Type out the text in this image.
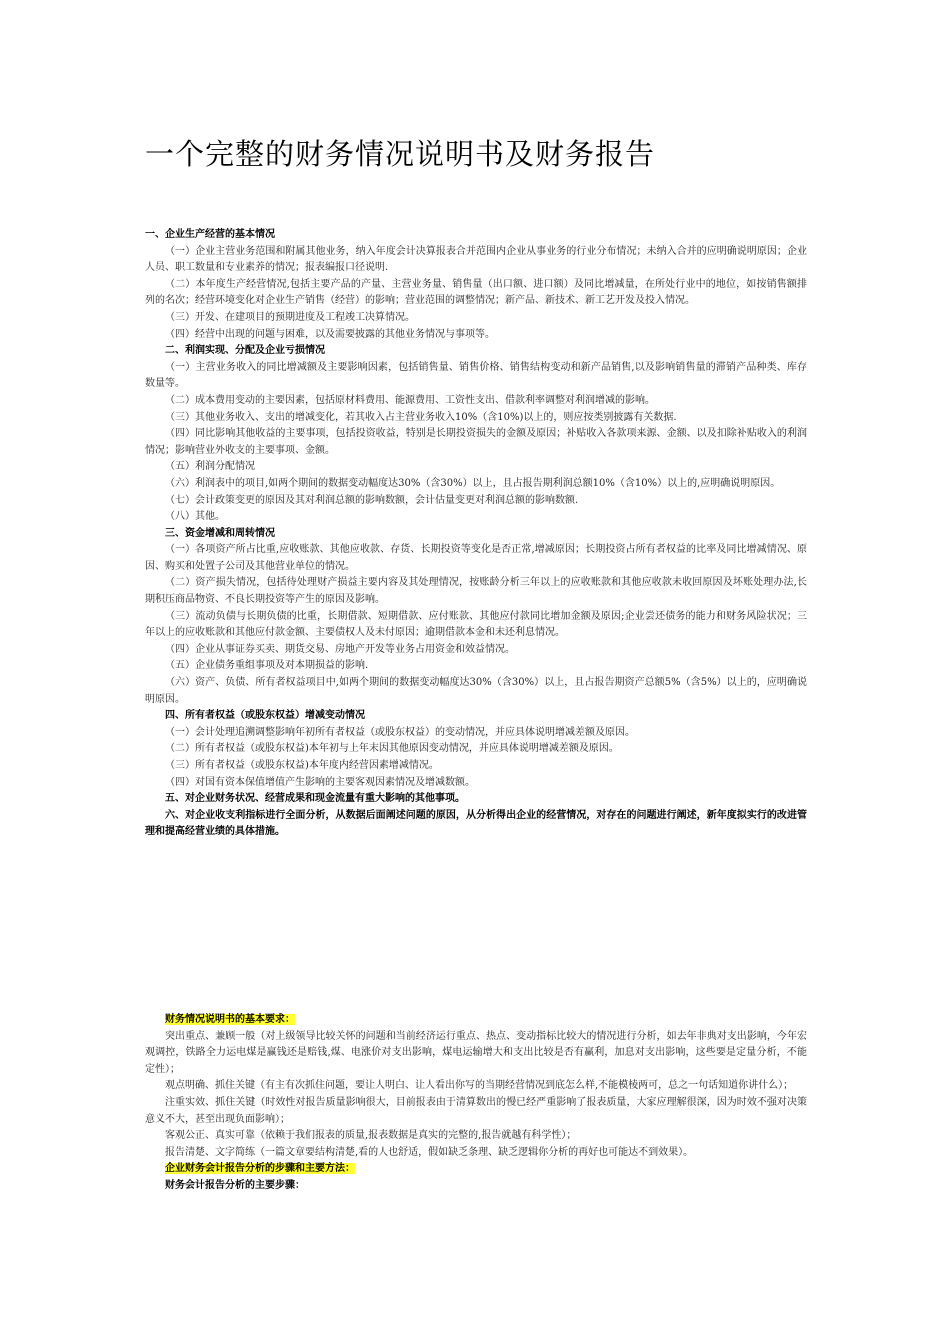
一个完整的财务情况说明书及财务报告

一、企业生产经营的基本情况

（一）企业主营业务范围和附属其他业务，纳入年度会计决算报表合并范围内企业从事业务的行业分布情况；未纳入合并的应明确说明原因；企业人员、职工数量和专业素养的情况；报表编报口径说明.

（二）本年度生产经营情况,包括主要产品的产量、主营业务量、销售量（出口额、进口额）及同比增减量，在所处行业中的地位，如按销售额排列的名次；经营环境变化对企业生产销售（经营）的影响；营业范围的调整情况；新产品、新技术、新工艺开发及投入情况。

（三）开发、在建项目的预期进度及工程竣工决算情况。

（四）经营中出现的问题与困难，以及需要披露的其他业务情况与事项等。

二、利润实现、分配及企业亏损情况

（一）主营业务收入的同比增减额及主要影响因素，包括销售量、销售价格、销售结构变动和新产品销售,以及影响销售量的滞销产品种类、库存数量等。

（二）成本费用变动的主要因素，包括原材料费用、能源费用、工资性支出、借款利率调整对利润增减的影响。

（三）其他业务收入、支出的增减变化，若其收入占主营业务收入10%（含10%)以上的，则应按类别披露有关数据.

（四）同比影响其他收益的主要事项，包括投资收益，特别是长期投资损失的金额及原因；补贴收入各款项来源、金额、以及扣除补贴收入的利润情况；影响营业外收支的主要事项、金额。

（五）利润分配情况

（六）利润表中的项目,如两个期间的数据变动幅度达30%（含30%）以上，且占报告期利润总额10%（含10%）以上的,应明确说明原因。

（七）会计政策变更的原因及其对利润总额的影响数额，会计估量变更对利润总额的影响数额.

（八）其他。

三、资金增减和周转情况

（一）各项资产所占比重,应收账款、其他应收款、存货、长期投资等变化是否正常,增减原因；长期投资占所有者权益的比率及同比增减情况、原因、购买和处置子公司及其他营业单位的情况。

（二）资产损失情况，包括待处理财产损益主要内容及其处理情况，按账龄分析三年以上的应收账款和其他应收款未收回原因及坏账处理办法,长期积压商品物资、不良长期投资等产生的原因及影响。

（三）流动负债与长期负债的比重，长期借款、短期借款、应付账款、其他应付款同比增加金额及原因;企业尝还债务的能力和财务风险状况；三年以上的应收账款和其他应付款金额、主要债权人及未付原因；逾期借款本金和未还利息情况。

（四）企业从事证券买卖、期货交易、房地产开发等业务占用资金和效益情况。

（五）企业债务重组事项及对本期损益的影响.

（六）资产、负债、所有者权益项目中,如两个期间的数据变动幅度达30%（含30%）以上，且占报告期资产总额5%（含5%）以上的，应明确说明原因。

四、所有者权益（或股东权益）增减变动情况

（一）会计处理追溯调整影响年初所有者权益（或股东权益）的变动情况，并应具体说明增减差额及原因。

（二）所有者权益（或股东权益)本年初与上年末因其他原因变动情况，并应具体说明增减差额及原因。

（三）所有者权益（或股东权益)本年度内经营因素增减情况。

（四）对国有资本保值增值产生影响的主要客观因素情况及增减数额。

五、对企业财务状况、经营成果和现金流量有重大影响的其他事项。

六、对企业收支利指标进行全面分析，从数据后面阐述问题的原因，从分析得出企业的经营情况，对存在的问题进行阐述，新年度拟实行的改进管理和提高经营业绩的具体措施。

财务情况说明书的基本要求：

突出重点、兼顾一般（对上级领导比较关怀的问题和当前经济运行重点、热点、变动指标比较大的情况进行分析，如去年非典对支出影响，今年宏观调控，铁路全力运电煤是赢钱还是赔钱,煤、电涨价对支出影响，煤电运输增大和支出比较是否有赢利，加息对支出影响，这些要是定量分析，不能定性）；

观点明确、抓住关键（有主有次抓住问题，要让人明白、让人看出你写的当期经营情况到底怎么样,不能模棱两可，总之一句话知道你讲什么）；

注重实效、抓住关键（时效性对报告质量影响很大，目前报表由于清算数出的慢已经严重影响了报表质量，大家应理解很深，因为时效不强对决策意义不大，甚至出现负面影响）；

客观公正、真实可靠（依赖于我们报表的质量,报表数据是真实的完整的,报告就越有科学性）；

报告清楚、文字简练（一篇文章要结构清楚,看的人也舒适，假如缺乏条理、缺乏逻辑你分析的再好也可能达不到效果）。

企业财务会计报告分析的步骤和主要方法：

财务会计报告分析的主要步骤：
